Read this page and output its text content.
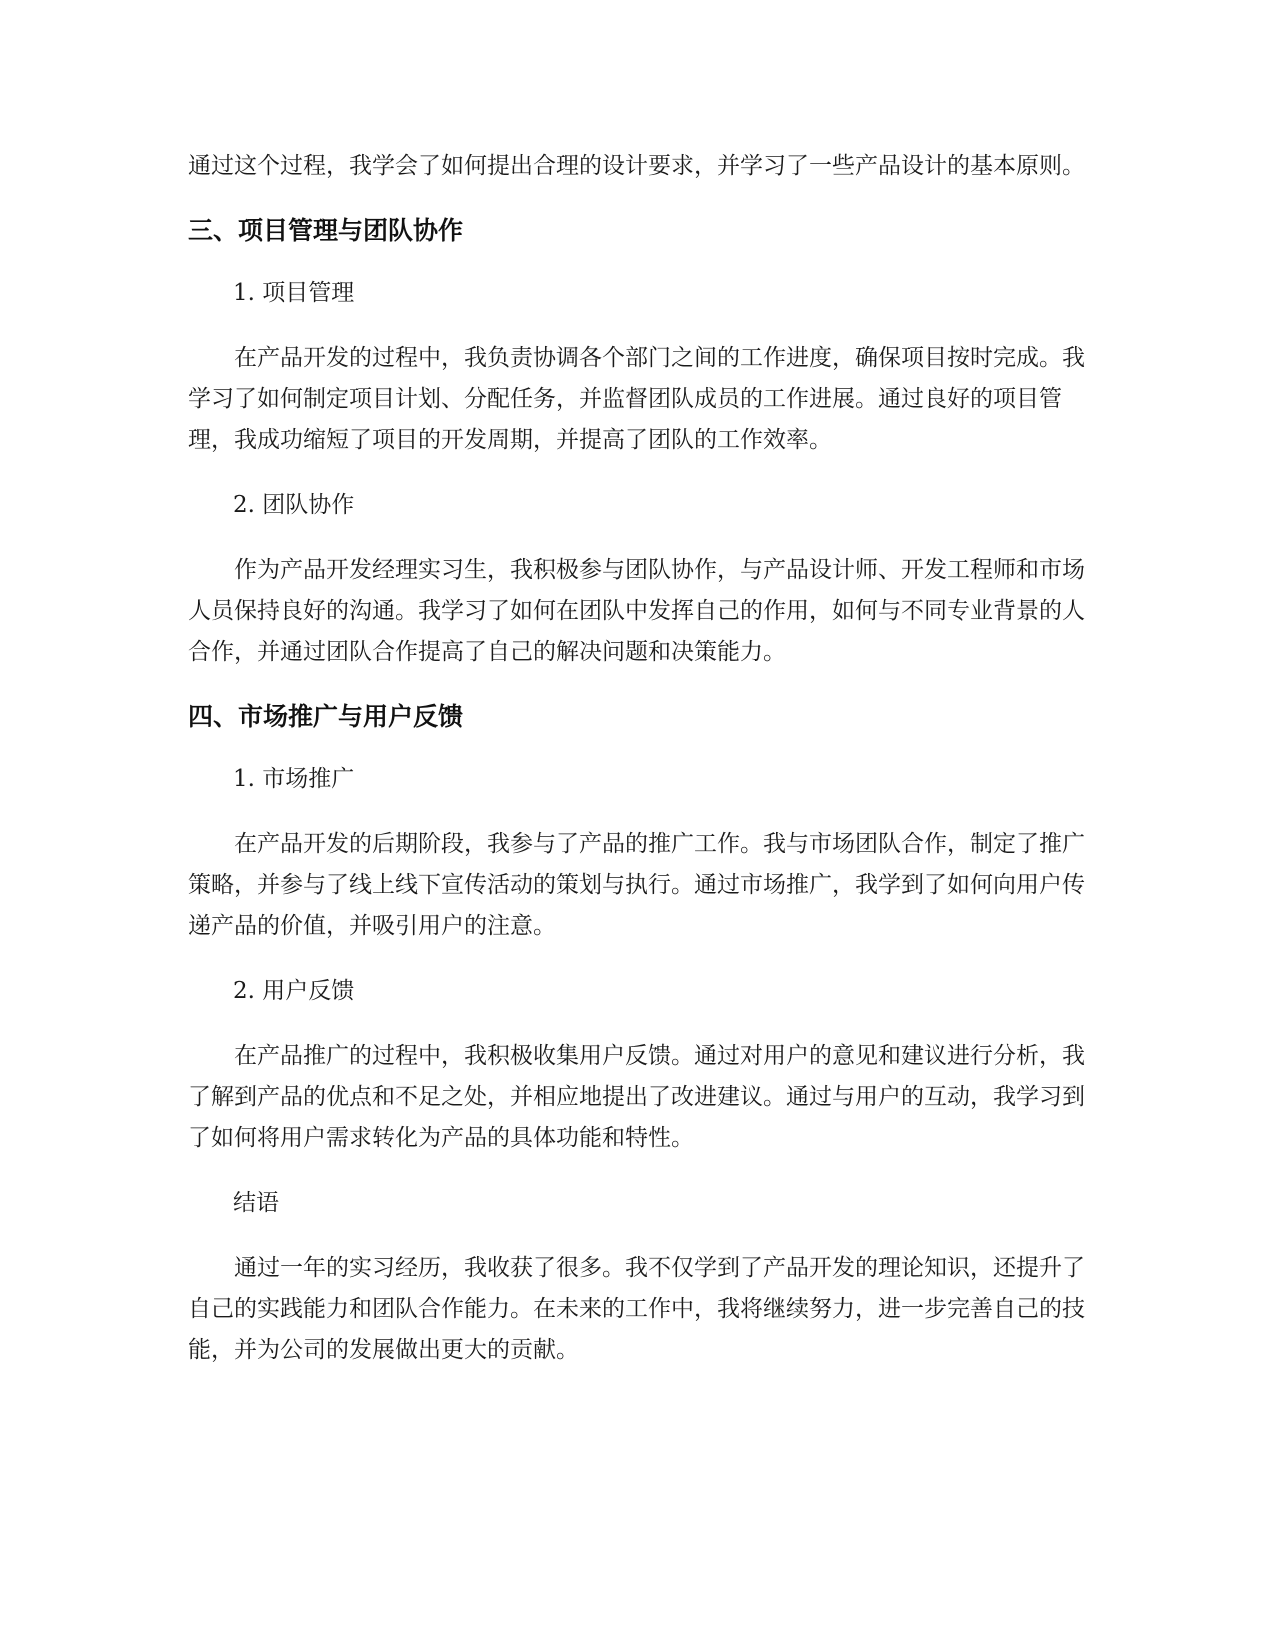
通过这个过程，我学会了如何提出合理的设计要求，并学习了一些产品设计的基本原则。

三、项目管理与团队协作

1. 项目管理

在产品开发的过程中，我负责协调各个部门之间的工作进度，确保项目按时完成。我学习了如何制定项目计划、分配任务，并监督团队成员的工作进展。通过良好的项目管理，我成功缩短了项目的开发周期，并提高了团队的工作效率。

2. 团队协作

作为产品开发经理实习生，我积极参与团队协作，与产品设计师、开发工程师和市场人员保持良好的沟通。我学习了如何在团队中发挥自己的作用，如何与不同专业背景的人合作，并通过团队合作提高了自己的解决问题和决策能力。

四、市场推广与用户反馈

1. 市场推广

在产品开发的后期阶段，我参与了产品的推广工作。我与市场团队合作，制定了推广策略，并参与了线上线下宣传活动的策划与执行。通过市场推广，我学到了如何向用户传递产品的价值，并吸引用户的注意。

2. 用户反馈

在产品推广的过程中，我积极收集用户反馈。通过对用户的意见和建议进行分析，我了解到产品的优点和不足之处，并相应地提出了改进建议。通过与用户的互动，我学习到了如何将用户需求转化为产品的具体功能和特性。

结语

通过一年的实习经历，我收获了很多。我不仅学到了产品开发的理论知识，还提升了自己的实践能力和团队合作能力。在未来的工作中，我将继续努力，进一步完善自己的技能，并为公司的发展做出更大的贡献。
